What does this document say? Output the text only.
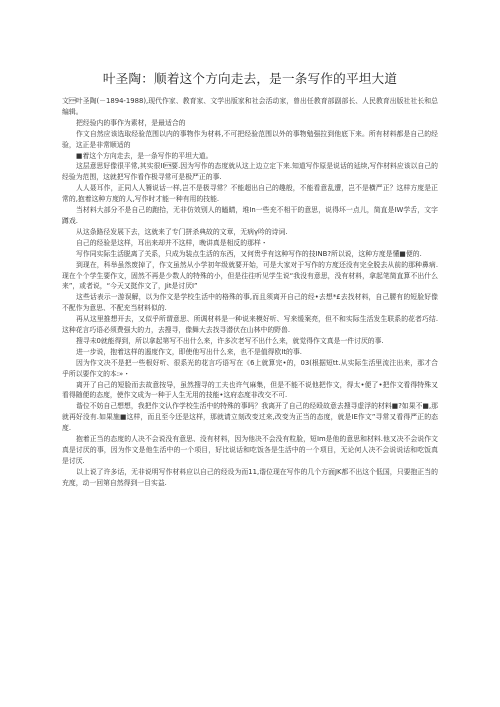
叶圣陶：顺着这个方向走去，是一条写作的平坦大道

文叶圣陶(－1894-1988),现代作家、教育家、文学出版家和社会活动家，曾出任教育部副部长、人民教育出版社社长和总编辑。

把经验内的事作为素材，是最适合的

作文自然应该选取经验范围以内的事物作为材料,不可把经验范围以外的事物勉强拉到他底下来。所有材料都是自己的经验，这正是非常顺适的

■着这个方向走去，是一条写作的平坦大道。

这层意思好像很平常,其实很II要.因为写作的态度就从这上边立定下来.知道写作原是说话的延续,写作材料应该以自己的经验为范围，这就把写作看作极寻常可是极严正的事.

人人聂耳作，正同人人饕说话一样,岂不是极寻常？不能超出自己的趣般，不能看意乱遭，岂不是横严正？这样方度是正常的,抱着这种方度的人,写作时才能一种有用的技能.

当材料大部分不是自己的跑拾，无非仿效别人的瞌睛，堆In一些充不相干的意思，说得坏一点儿，简直是IW学舌，文字蹲戏.

从这条路径发展下去，这就来了专门拼杀典故的文章，无病γ吟的诗词.

自己的经验是这样，耳出来却并不这样，晚讲真是相反的那样・

写作同实际生活脱离了关系，只成为装点生活的东西，又何贵乎有这种写作的技INB?所以说，这种方度是懂■便的.

到现在，科举虽然废掉了，作文虽然从小学初年级就要开始，可是大家对于写作的方度还没有完全脱去从前的那种鼻病.现在个个学生要作文，固然不再是少数人的特殊的小，但是往往听见学生说“我没有意思，没有材料，拿起笔简直算不出什么来”，或者说，“今天又挺作文了，Jit是讨厌I”

这些话表示一游误解，以为作文是学校生活中的格殊的事,而且须离开自己的经•去想*£去找材料，自己腰有的短脸好像不配作为意思、不配充当材料似的.

再从这里推想开去，又似乎所谓意思、所调材料是一种说来模好听、写来缓案亮，但不和实际生活发生联系的花者巧结.这种花言巧语必须费强大的力，去搜寻，像舞大去找寻潜伏在山林中的野兽.

搜寻未0就能得到，所以拿起第写不出什么来，许多次老写不出什么来，就觉得作文真是一件讨厌的事.

进一步说，抱着这样的遏度作文，即使他写出什么来，也不是值得欧It的事.

因为作文决不是把一些根好听、很系光的花言巧语写在《6上就算完•的，03(根据短tt.从实际生活里流注出来，那才合乎所以要作文的本:»・

离开了自己的短脸而去故意按导，虽然搜寻的工夫也许气麻集，但是不能不说他把作文，得太•便了•把作文看得特殊又看得随便的态度，使作文成为一种于人生无用的技能•这府态度非改交不可.

谐位不妨自己想想，我把作文认作学校生活中的特殊的事吗？我离开了自己的经殴故意去搜寻虚浮的材料■?如果不■,那就再好没有.如果施■这样，而且至今还是这样，那就请立刻改变过来,改变为正当的态度，就是IE作文”寻常又看得严正的态度.

抱着正当的态度的人决不会说没有意思、没有材料，因为他决不会没有粒脸，短Im是他的意思和材料.他又决不会说作文真是讨厌的事，因为作文是他生活中的一个项目，好比说话和吃饭各是生活中的一个项目，无论何人决不会说说话和吃饭真是讨厌.

以上说了许多话，无非说明写作材料应以自己的经设为而11,谐位现在写作的几个方面JK都不出这个低国，只要抱正当的充度，动一回第自然得到一目实益.
